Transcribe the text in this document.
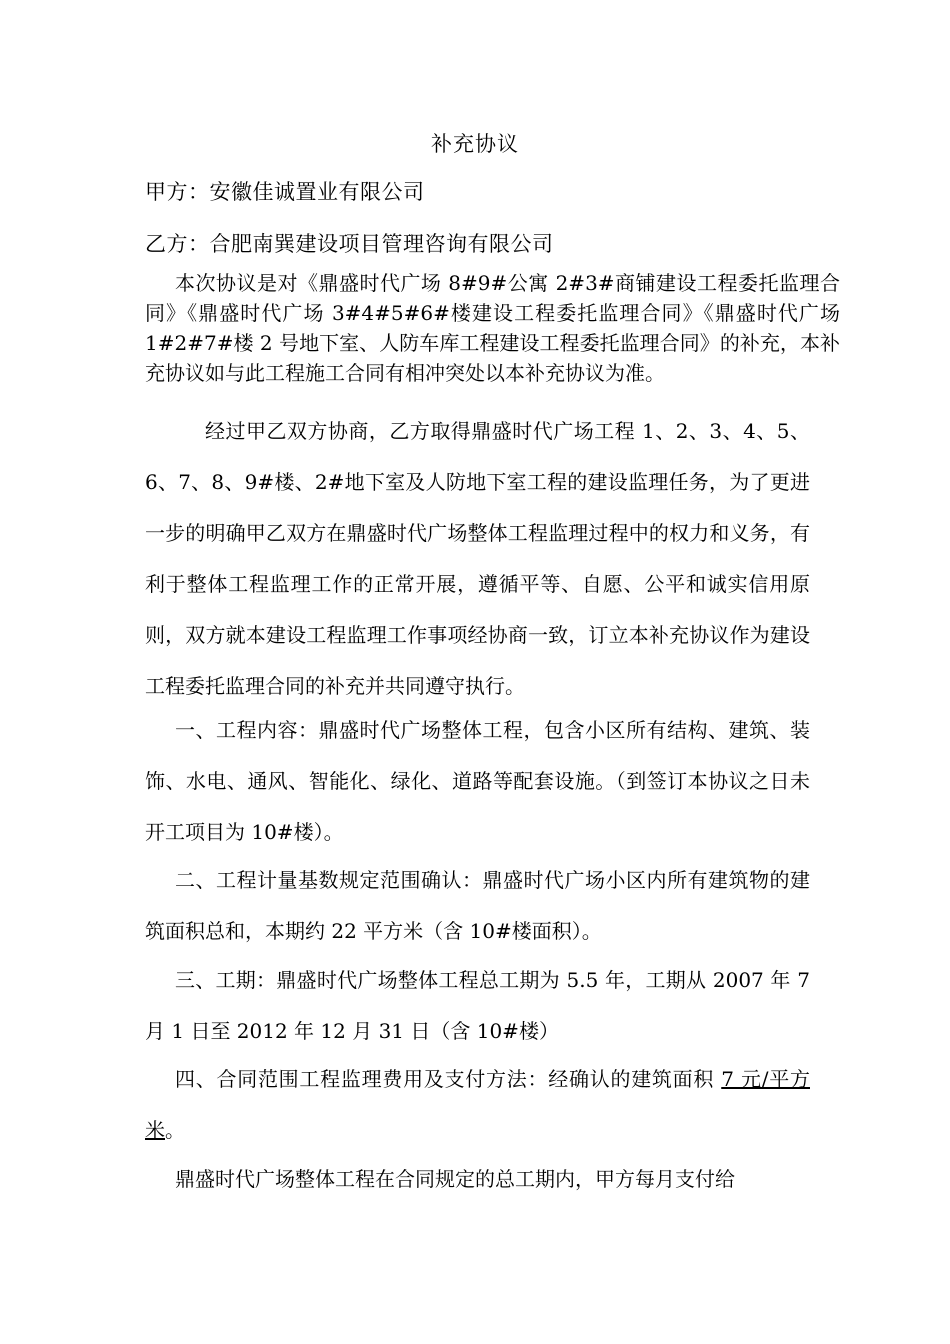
补充协议
甲方：安徽佳诚置业有限公司
乙方：合肥南巽建设项目管理咨询有限公司
本次协议是对《鼎盛时代广场 8#9#公寓 2#3#商铺建设工程委托监理合同》《鼎盛时代广场 3#4#5#6#楼建设工程委托监理合同》《鼎盛时代广场 1#2#7#楼 2 号地下室、人防车库工程建设工程委托监理合同》的补充，本补充协议如与此工程施工合同有相冲突处以本补充协议为准。
经过甲乙双方协商，乙方取得鼎盛时代广场工程 1、2、3、4、5、6、7、8、9#楼、2#地下室及人防地下室工程的建设监理任务，为了更进一步的明确甲乙双方在鼎盛时代广场整体工程监理过程中的权力和义务，有利于整体工程监理工作的正常开展，遵循平等、自愿、公平和诚实信用原则，双方就本建设工程监理工作事项经协商一致，订立本补充协议作为建设工程委托监理合同的补充并共同遵守执行。
一、工程内容：鼎盛时代广场整体工程，包含小区所有结构、建筑、装饰、水电、通风、智能化、绿化、道路等配套设施。（到签订本协议之日未开工项目为 10#楼）。
二、工程计量基数规定范围确认：鼎盛时代广场小区内所有建筑物的建筑面积总和，本期约 22 平方米（含 10#楼面积）。
三、工期：鼎盛时代广场整体工程总工期为 5.5 年，工期从 2007 年 7 月 1 日至 2012 年 12 月 31 日（含 10#楼）
四、合同范围工程监理费用及支付方法：经确认的建筑面积 7 元/平方米。
鼎盛时代广场整体工程在合同规定的总工期内，甲方每月支付给
